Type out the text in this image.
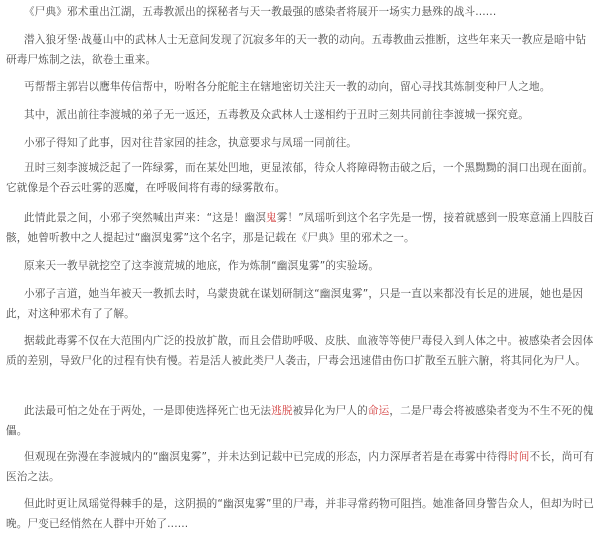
《尸典》邪术重出江湖，五毒教派出的探秘者与天一教最强的感染者将展开一场实力悬殊的战斗......

潜入狼牙堡·战蔓山中的武林人士无意间发现了沉寂多年的天一教的动向。五毒教曲云推断，这些年来天一教应是暗中钻研毒尸炼制之法，欲卷土重来。

丐帮帮主郭岩以鹰隼传信帮中，吩咐各分舵舵主在辖地密切关注天一教的动向，留心寻找其炼制变种尸人之地。

其中，派出前往李渡城的弟子无一返还，五毒教及众武林人士遂相约于丑时三刻共同前往李渡城一探究竟。

小邪子得知了此事，因对往昔家园的挂念，执意要求与凤瑶一同前往。

丑时三刻李渡城泛起了一阵绿雾，而在某处凹地，更显浓郁，待众人将障碍物击破之后，一个黑黝黝的洞口出现在面前。它就像是个吞云吐雾的恶魔，在呼吸间将有毒的绿雾散布。

此情此景之间，小邪子突然喊出声来：“这是！幽溟鬼雾！”凤瑶听到这个名字先是一愣，接着就感到一股寒意涌上四肢百骸，她曾听教中之人提起过“幽溟鬼雾”这个名字，那是记载在《尸典》里的邪术之一。

原来天一教早就挖空了这李渡荒城的地底，作为炼制“幽溟鬼雾”的实验场。

小邪子言道，她当年被天一教抓去时，乌蒙贵就在谋划研制这“幽溟鬼雾”，只是一直以来都没有长足的进展，她也是因此，对这种邪术有了了解。

据载此毒雾不仅在大范围内广泛的投放扩散，而且会借助呼吸、皮肤、血液等等使尸毒侵入到人体之中。被感染者会因体质的差别，导致尸化的过程有快有慢。若是活人被此类尸人袭击，尸毒会迅速借由伤口扩散至五脏六腑，将其同化为尸人。

此法最可怕之处在于两处，一是即使选择死亡也无法逃脱被异化为尸人的命运，二是尸毒会将被感染者变为不生不死的傀儡。

但观现在弥漫在李渡城内的“幽溟鬼雾”，并未达到记载中已完成的形态，内力深厚者若是在毒雾中待得时间不长，尚可有医治之法。

但此时更让凤瑶觉得棘手的是，这阴损的“幽溟鬼雾”里的尸毒，并非寻常药物可阻挡。她准备回身警告众人，但却为时已晚。尸变已经悄然在人群中开始了......
